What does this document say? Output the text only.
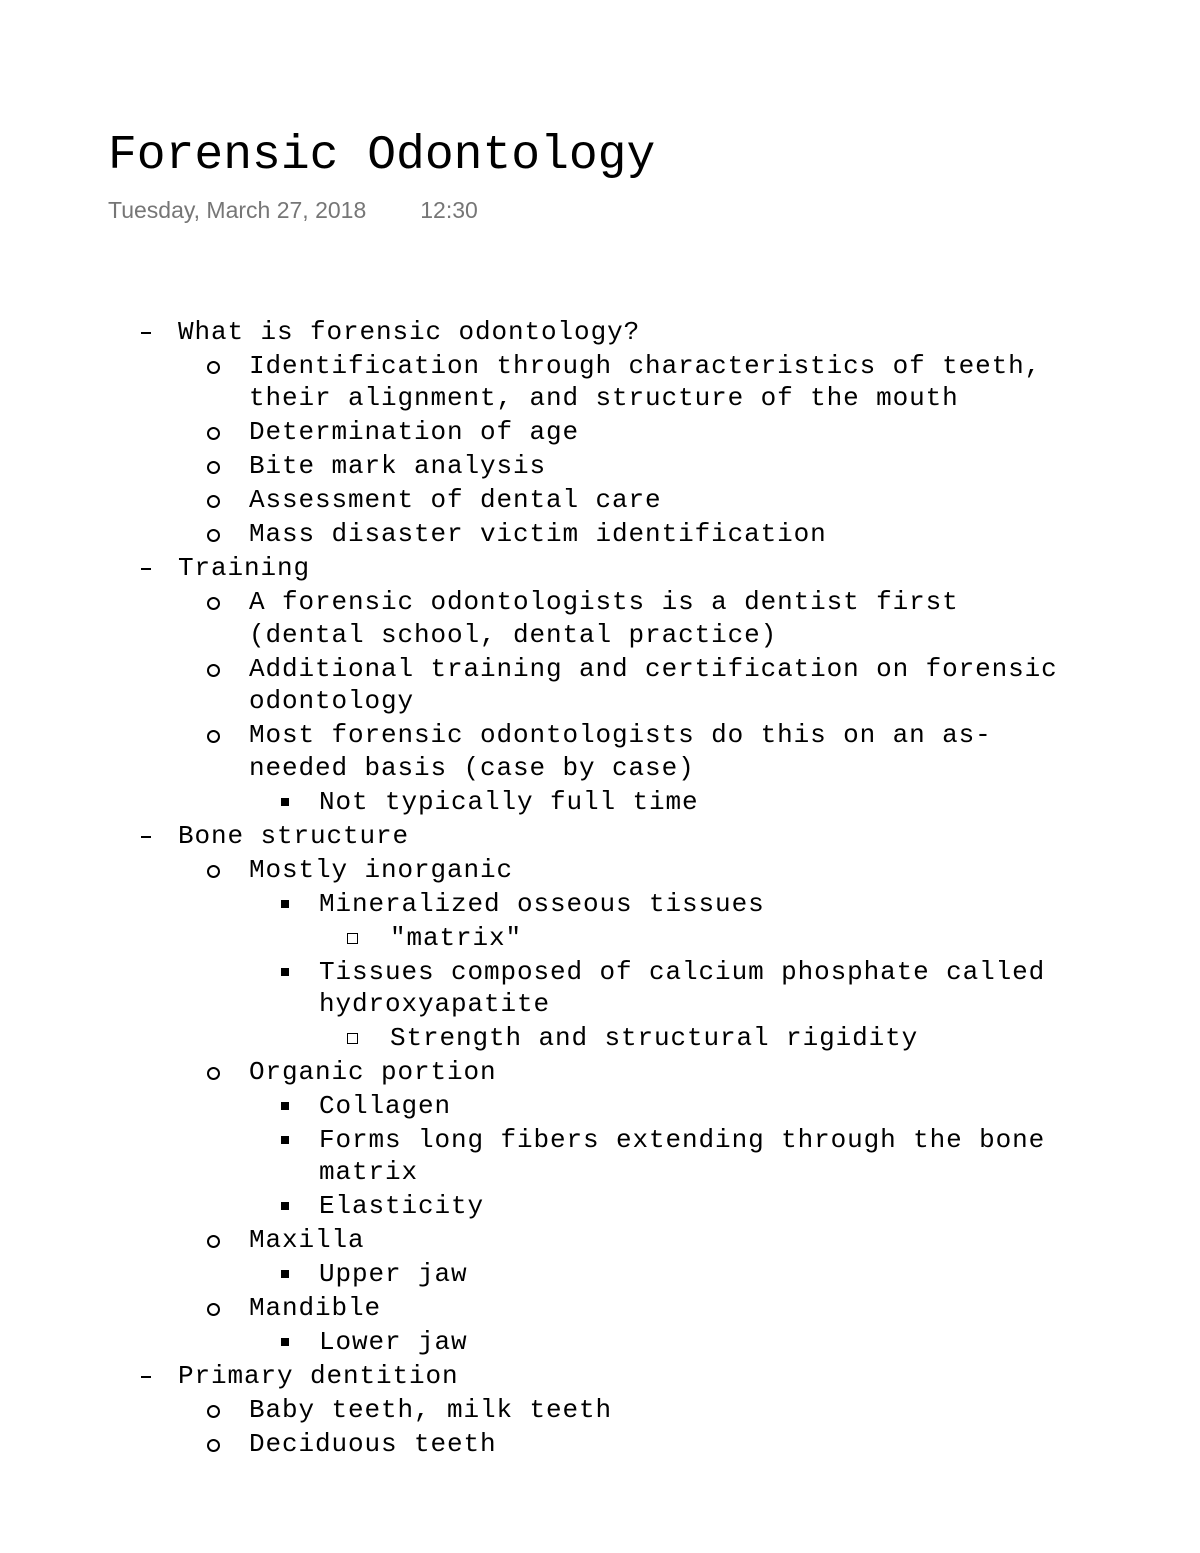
Forensic Odontology
Tuesday, March 27, 2018 12:30
What is forensic odontology?
Identification through characteristics of teeth,
their alignment, and structure of the mouth
Determination of age
Bite mark analysis
Assessment of dental care
Mass disaster victim identification
Training
A forensic odontologists is a dentist first
(dental school, dental practice)
Additional training and certification on forensic
odontology
Most forensic odontologists do this on an as-
needed basis (case by case)
Not typically full time
Bone structure
Mostly inorganic
Mineralized osseous tissues
"matrix"
Tissues composed of calcium phosphate called
hydroxyapatite
Strength and structural rigidity
Organic portion
Collagen
Forms long fibers extending through the bone
matrix
Elasticity
Maxilla
Upper jaw
Mandible
Lower jaw
Primary dentition
Baby teeth, milk teeth
Deciduous teeth
